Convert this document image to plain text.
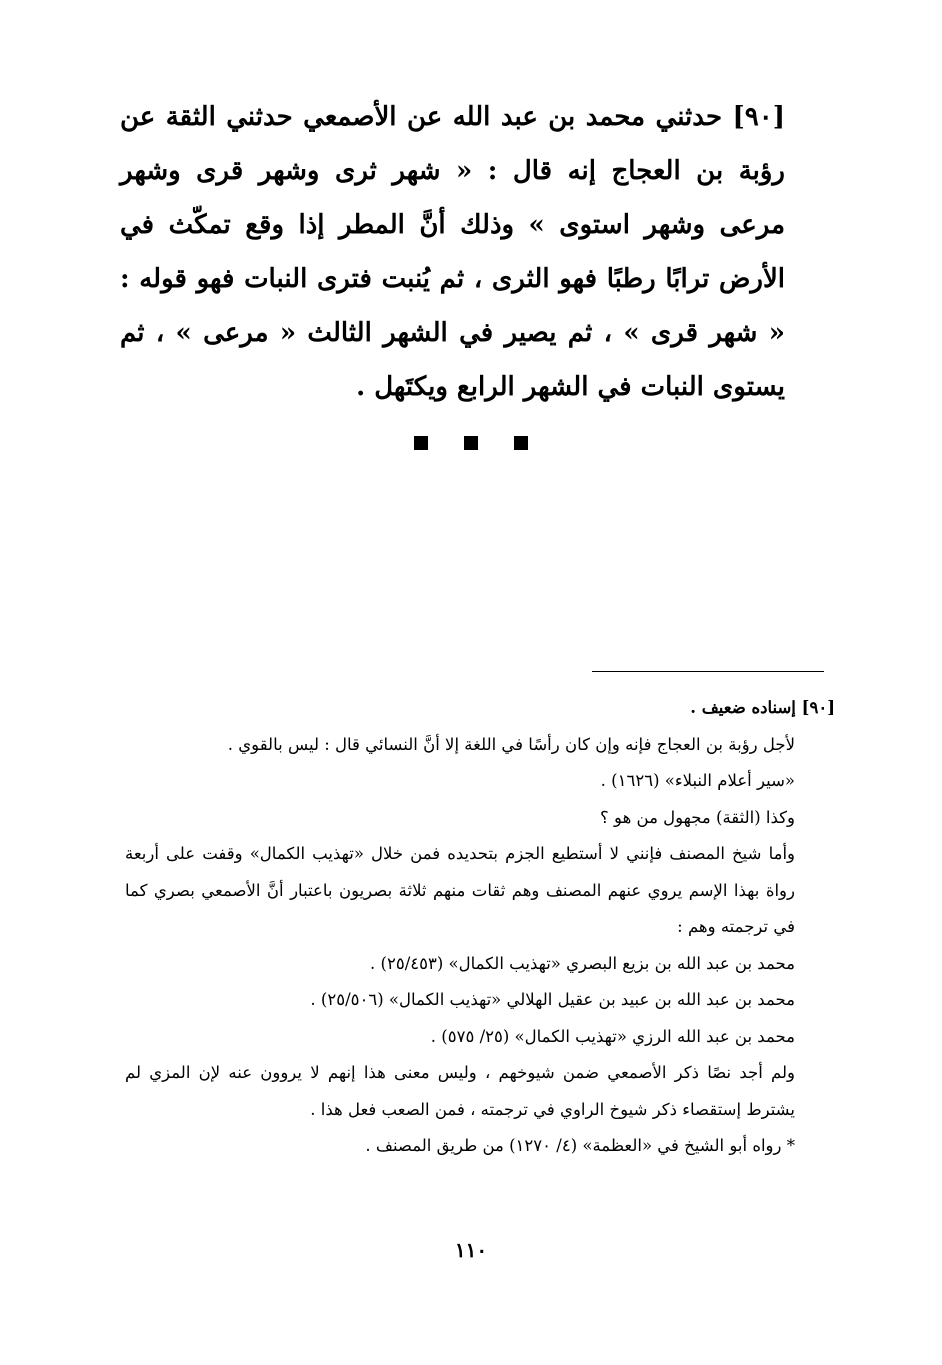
[٩٠] حدثني محمد بن عبد الله عن الأصمعي حدثني الثقة عن رؤبة بن العجاج إنه قال : « شهر ثرى وشهر قرى وشهر مرعى وشهر استوى » وذلك أنَّ المطر إذا وقع تمكّث في الأرض ترابًا رطبًا فهو الثرى ، ثم يُنبت فترى النبات فهو قوله : « شهر قرى » ، ثم يصير في الشهر الثالث « مرعى » ، ثم يستوى النبات في الشهر الرابع ويكتَهل .

[٩٠] إسناده ضعيف .

لأجل رؤبة بن العجاج فإنه وإن كان رأسًا في اللغة إلا أنَّ النسائي قال : ليس بالقوي .

«سير أعلام النبلاء» (١٦٢٦) .

وكذا (الثقة) مجهول من هو ؟

وأما شيخ المصنف فإنني لا أستطيع الجزم بتحديده فمن خلال «تهذيب الكمال» وقفت على أربعة رواة بهذا الإسم يروي عنهم المصنف وهم ثقات منهم ثلاثة بصريون باعتبار أنَّ الأصمعي بصري كما في ترجمته وهم :

محمد بن عبد الله بن بزيع البصري «تهذيب الكمال» (٢٥/٤٥٣) .

محمد بن عبد الله بن عبيد بن عقيل الهلالي «تهذيب الكمال» (٢٥/٥٠٦) .

محمد بن عبد الله الرزي «تهذيب الكمال» (٢٥/ ٥٧٥) .

ولم أجد نصًا ذكر الأصمعي ضمن شيوخهم ، وليس معنى هذا إنهم لا يروون عنه لإن المزي لم يشترط إستقصاء ذكر شيوخ الراوي في ترجمته ، فمن الصعب فعل هذا .

* رواه أبو الشيخ في «العظمة» (٤/ ١٢٧٠) من طريق المصنف .

١١٠
